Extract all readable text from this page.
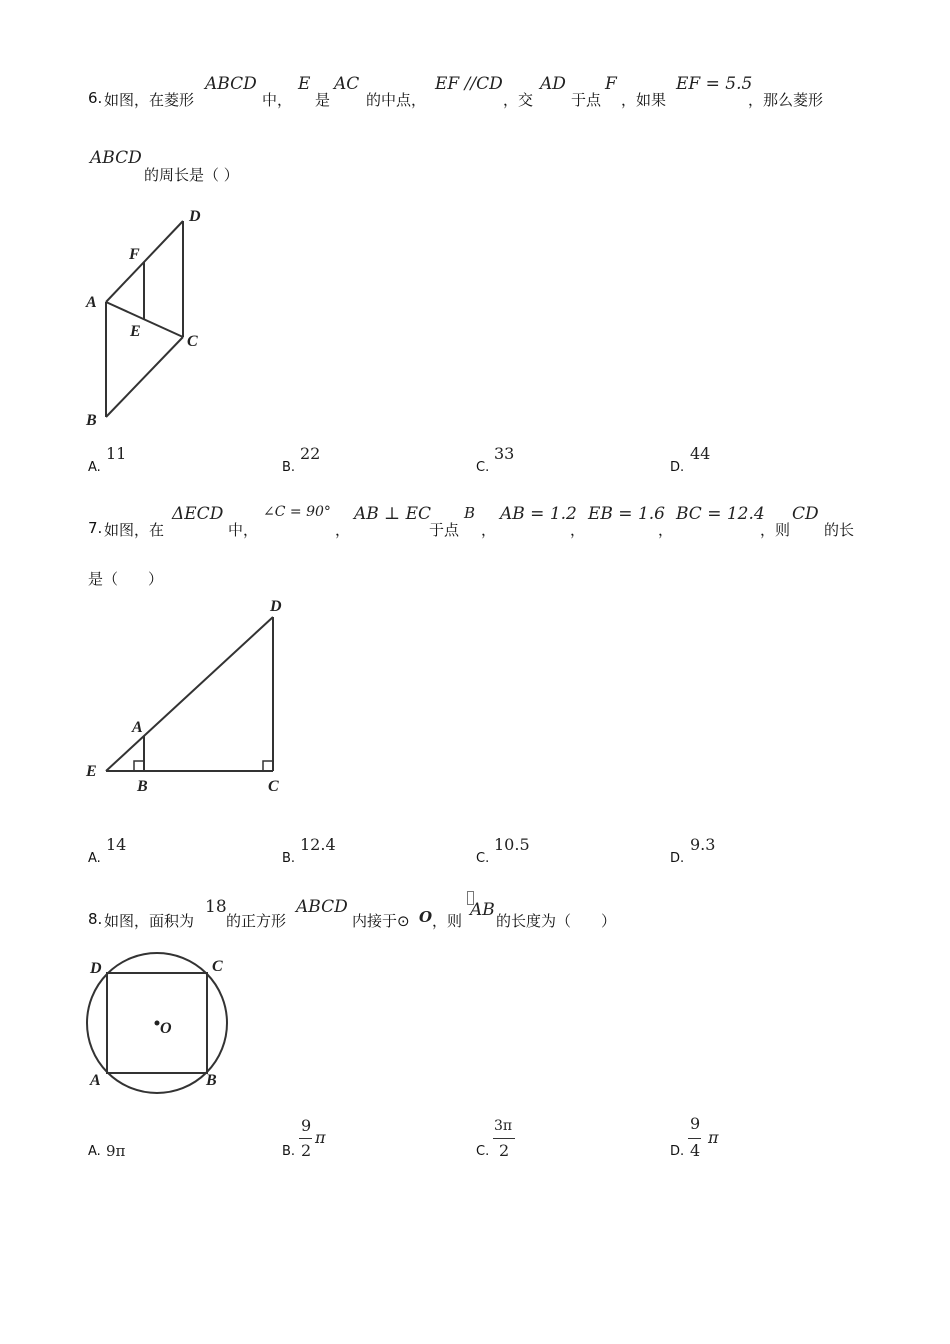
6. 如图，在菱形
ABCD
中，
E
是
AC
的中点，
EF //CD
，交
AD
于点
F
，如果
EF = 5.5
，那么菱形
ABCD
的周长是（ ）
D
F
A
E
C
B
A.
11
B.
22
C.
33
D.
44
7. 如图，在
ΔECD
中，
∠C = 90°
，
AB ⊥ EC
于点
B
，
AB = 1.2
，
EB = 1.6
，
BC = 12.4
，则
CD
的长
是（　　）
D
A
E
B	C
A.
14
B.
12.4
C.
10.5
D.
9.3
8. 如图，面积为
18
的正方形
ABCD
内接于⊙ O ，则
AB
的长度为（　　）
D	C
O
A	B
A. 9π	B.
9
2
π
C.
3π
2	D.
9
4
π
